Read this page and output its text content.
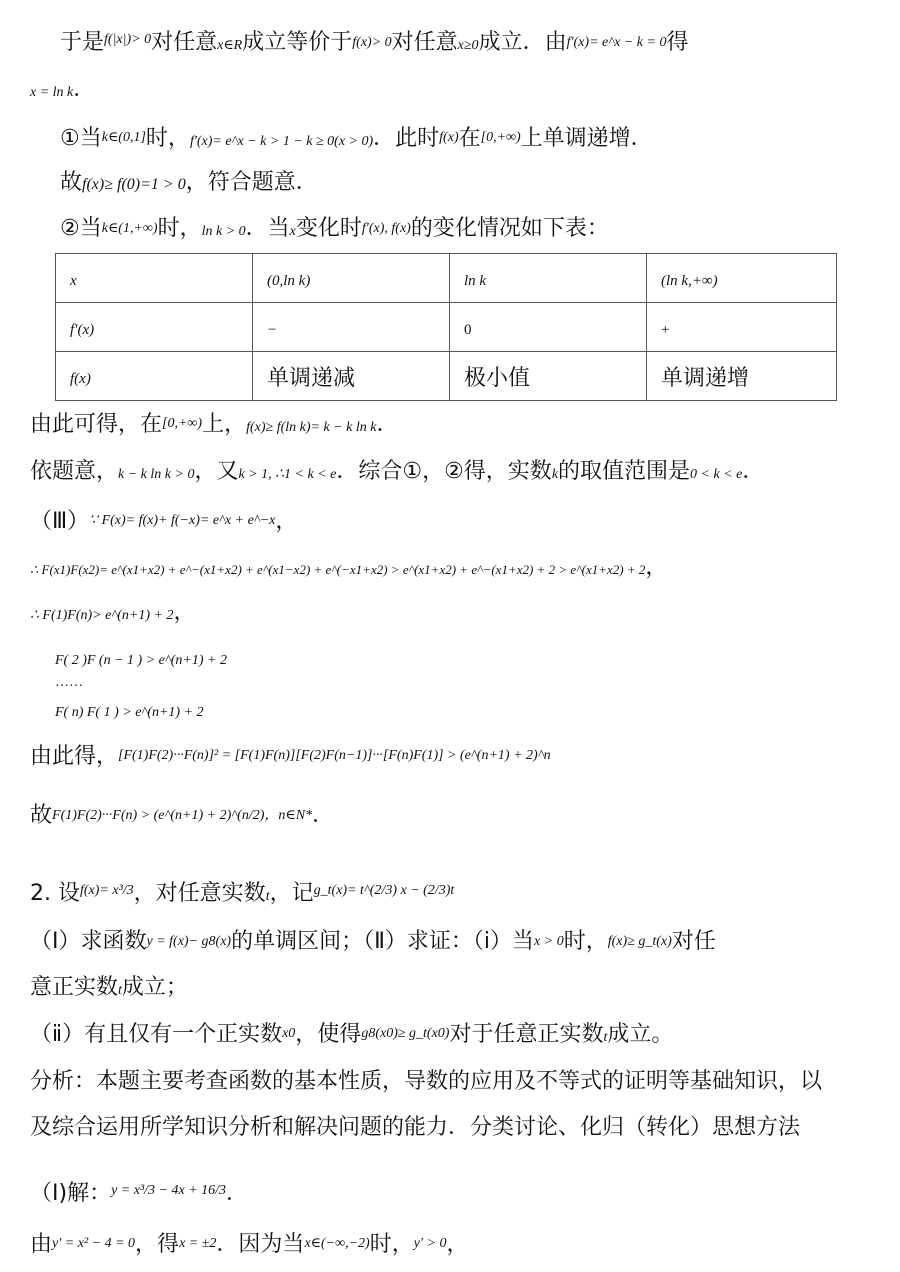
于是$^{f(|x|)> 0}$对任意x∈R成立等价于f(x)> 0对任意x≥0成立．由f′(x)= e^x − k = 0得
x = ln k．
①当k∈(0,1]时，f′(x)= e^x − k > 1 − k ≥ 0(x > 0)．此时f(x)在[0,+∞)上单调递增．
故f(x)≥ f(0)=1 > 0，符合题意．
②当k∈(1,+∞)时，ln k > 0．当x变化时f′(x), f(x)的变化情况如下表：
x	(0,ln k)	ln k	(ln k,+∞)
f′(x)	−	0	+
f(x)	单调递减	极小值	单调递增
由此可得，在[0,+∞)上，f(x)≥ f(ln k)= k − k ln k．
依题意，k − k ln k > 0，又k > 1, ∴1 < k < e．综合①，②得，实数k的取值范围是0 < k < e．
（Ⅲ）∵ F(x)= f(x)+ f(−x)= e^x + e^−x，
∴ F(x1)F(x2)= e^(x1+x2) + e^−(x1+x2) + e^(x1−x2) + e^(−x1+x2) > e^(x1+x2) + e^−(x1+x2) + 2 > e^(x1+x2) + 2，
∴ F(1)F(n)> e^(n+1) + 2，
F( 2 )F (n − 1 ) > e^(n+1) + 2
……
F( n) F( 1 ) > e^(n+1) + 2
由此得，[F(1)F(2)···F(n)]² = [F(1)F(n)][F(2)F(n−1)]···[F(n)F(1)] > (e^(n+1) + 2)^n
故F(1)F(2)···F(n) > (e^(n+1) + 2)^(n/2)，n∈N*．
2. 设$^{f(x)= x^3/3}$，对任意实数t，记$^{g\_t(x)= t\^{}(2/3) x - (2/3)t}$
（Ⅰ）求函数y = f(x)− g8(x)的单调区间；（Ⅱ）求证：（ⅰ）当x > 0时，f(x)≥ g_t(x)对任
意正实数t成立；
（ⅱ）有且仅有一个正实数x0，使得g8(x0)≥ g_t(x0)对于任意正实数t成立。
分析：本题主要考查函数的基本性质，导数的应用及不等式的证明等基础知识，以
及综合运用所学知识分析和解决问题的能力．分类讨论、化归（转化）思想方法
（Ⅰ)解：$^{y = x^3/3 - 4x + 16/3}$．
由y′ = x² − 4 = 0，得x = ±2．因为当x∈(−∞,−2)时，y′ > 0，
